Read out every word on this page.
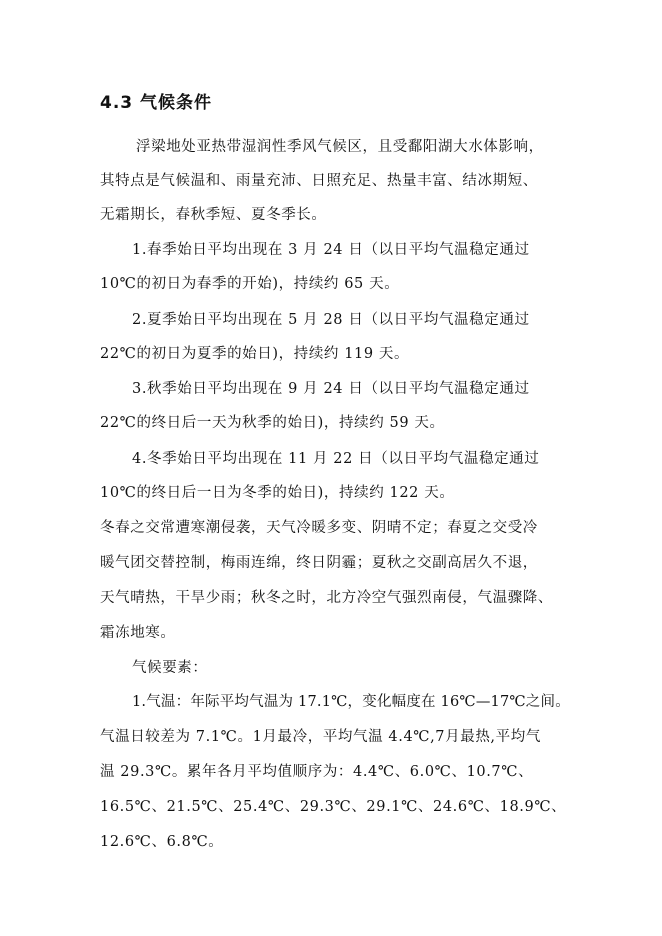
4.3 气候条件
浮梁地处亚热带湿润性季风气候区，且受鄱阳湖大水体影响，
其特点是气候温和、雨量充沛、日照充足、热量丰富、结冰期短、
无霜期长，春秋季短、夏冬季长。
1.春季始日平均出现在 3 月 24 日（以日平均气温稳定通过
10℃的初日为春季的开始)，持续约 65 天。
2.夏季始日平均出现在 5 月 28 日（以日平均气温稳定通过
22℃的初日为夏季的始日)，持续约 119 天。
3.秋季始日平均出现在 9 月 24 日（以日平均气温稳定通过
22℃的终日后一天为秋季的始日)，持续约 59 天。
4.冬季始日平均出现在 11 月 22 日（以日平均气温稳定通过
10℃的终日后一日为冬季的始日)，持续约 122 天。
冬春之交常遭寒潮侵袭，天气冷暖多变、阴晴不定；春夏之交受冷
暖气团交替控制，梅雨连绵，终日阴霾；夏秋之交副高居久不退，
天气晴热，干旱少雨；秋冬之时，北方冷空气强烈南侵，气温骤降、
霜冻地寒。
气候要素：
1.气温：年际平均气温为 17.1℃，变化幅度在 16℃—17℃之间。
气温日较差为 7.1℃。1月最冷，平均气温 4.4℃,7月最热,平均气
温 29.3℃。累年各月平均值顺序为：4.4℃、6.0℃、10.7℃、
16.5℃、21.5℃、25.4℃、29.3℃、29.1℃、24.6℃、18.9℃、
12.6℃、6.8℃。
